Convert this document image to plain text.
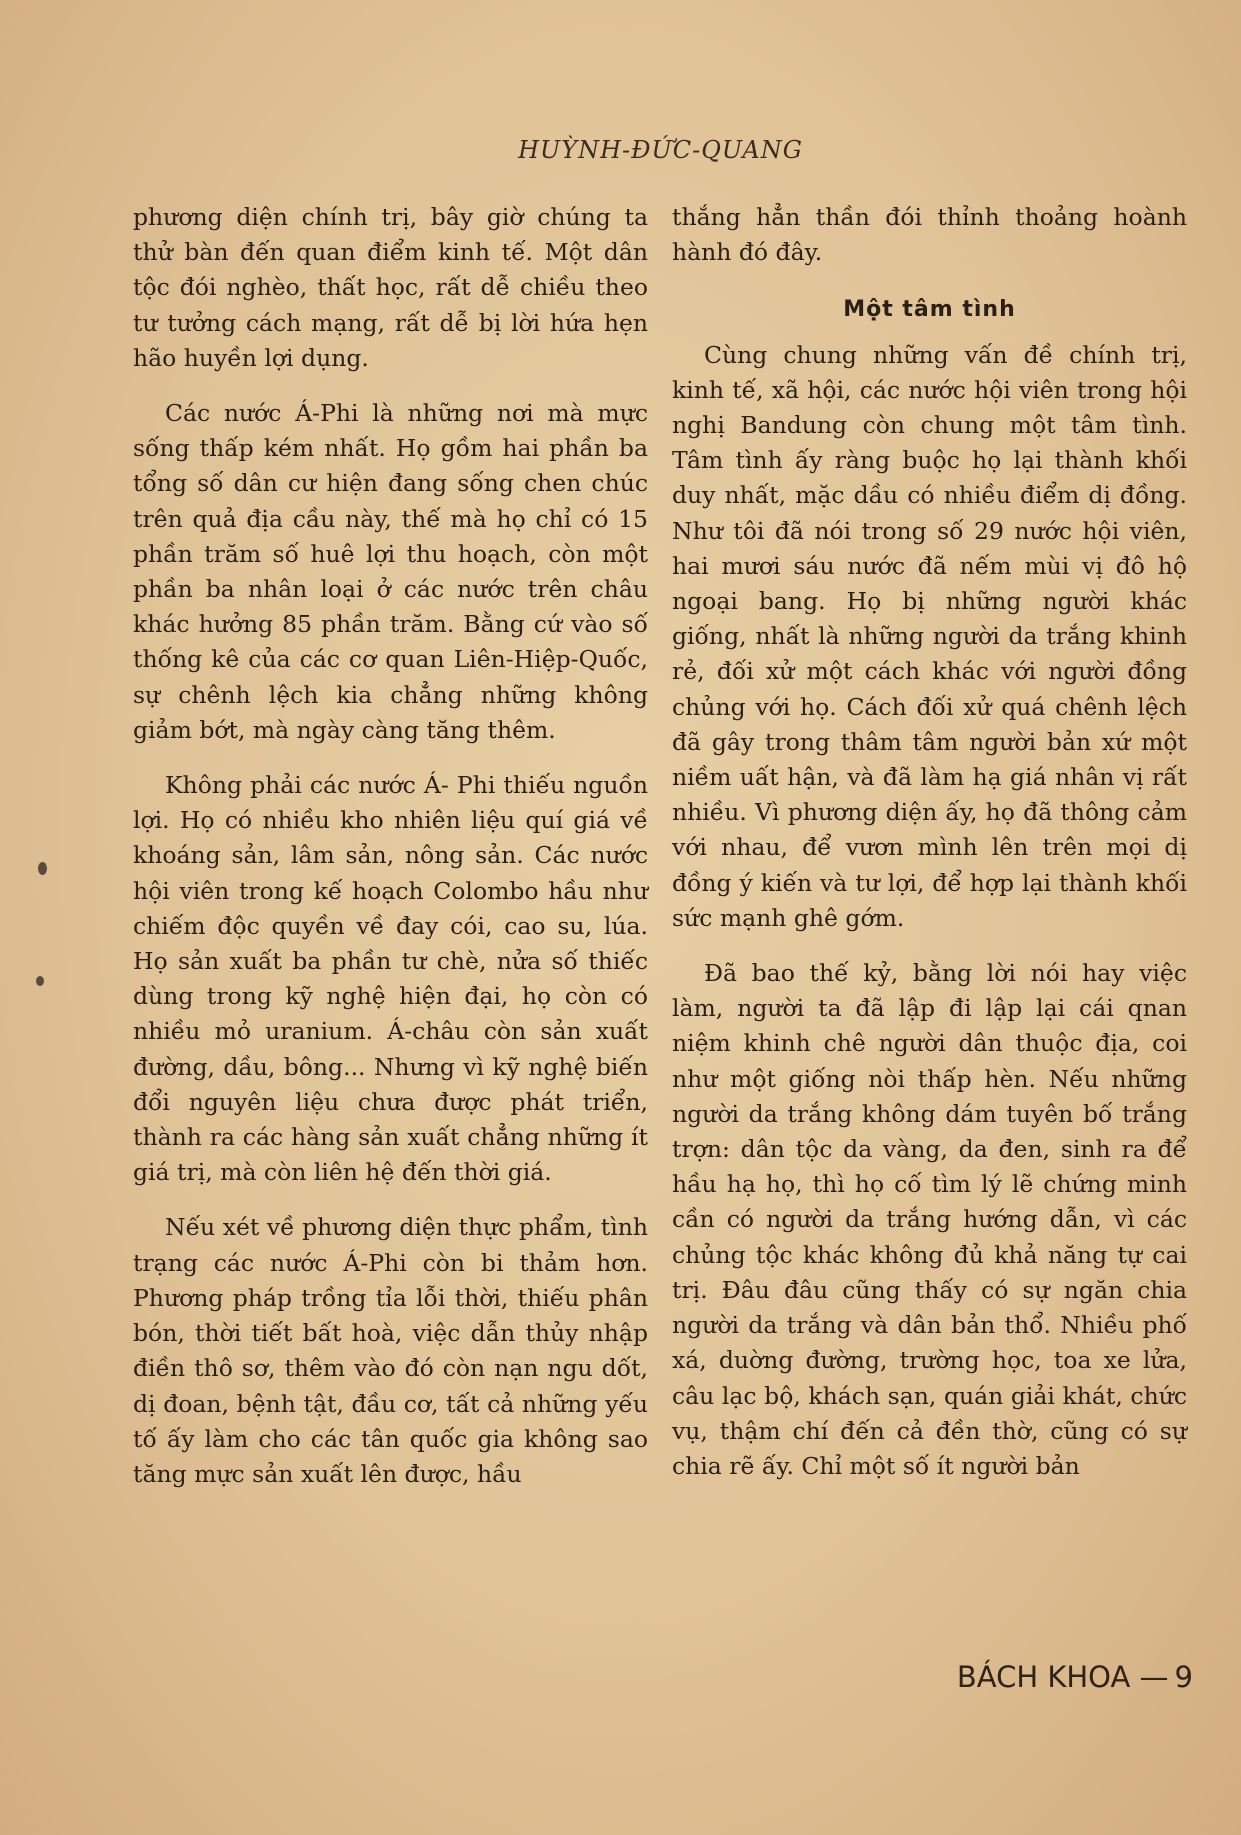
HUỲNH-ĐỨC-QUANG

phương diện chính trị, bây giờ chúng ta thử bàn đến quan điểm kinh tế. Một dân tộc đói nghèo, thất học, rất dễ chiều theo tư tưởng cách mạng, rất dễ bị lời hứa hẹn hão huyền lợi dụng.

Các nước Á-Phi là những nơi mà mực sống thấp kém nhất. Họ gồm hai phần ba tổng số dân cư hiện đang sống chen chúc trên quả địa cầu này, thế mà họ chỉ có 15 phần trăm số huê lợi thu hoạch, còn một phần ba nhân loại ở các nước trên châu khác hưởng 85 phần trăm. Bằng cứ vào số thống kê của các cơ quan Liên-Hiệp-Quốc, sự chênh lệch kia chẳng những không giảm bớt, mà ngày càng tăng thêm.

Không phải các nước Á- Phi thiếu nguồn lợi. Họ có nhiều kho nhiên liệu quí giá về khoáng sản, lâm sản, nông sản. Các nước hội viên trong kế hoạch Colombo hầu như chiếm độc quyền về đay cói, cao su, lúa. Họ sản xuất ba phần tư chè, nửa số thiếc dùng trong kỹ nghệ hiện đại, họ còn có nhiều mỏ uranium. Á-châu còn sản xuất đường, dầu, bông... Nhưng vì kỹ nghệ biến đổi nguyên liệu chưa được phát triển, thành ra các hàng sản xuất chẳng những ít giá trị, mà còn liên hệ đến thời giá.

Nếu xét về phương diện thực phẩm, tình trạng các nước Á-Phi còn bi thảm hơn. Phương pháp trồng tỉa lỗi thời, thiếu phân bón, thời tiết bất hoà, việc dẫn thủy nhập điền thô sơ, thêm vào đó còn nạn ngu dốt, dị đoan, bệnh tật, đầu cơ, tất cả những yếu tố ấy làm cho các tân quốc gia không sao tăng mực sản xuất lên được, hầu

thắng hẳn thần đói thỉnh thoảng hoành hành đó đây.

Một tâm tình

Cùng chung những vấn đề chính trị, kinh tế, xã hội, các nước hội viên trong hội nghị Bandung còn chung một tâm tình. Tâm tình ấy ràng buộc họ lại thành khối duy nhất, mặc dầu có nhiều điểm dị đồng. Như tôi đã nói trong số 29 nước hội viên, hai mươi sáu nước đã nếm mùi vị đô hộ ngoại bang. Họ bị những người khác giống, nhất là những người da trắng khinh rẻ, đối xử một cách khác với người đồng chủng với họ. Cách đối xử quá chênh lệch đã gây trong thâm tâm người bản xứ một niềm uất hận, và đã làm hạ giá nhân vị rất nhiều. Vì phương diện ấy, họ đã thông cảm với nhau, để vươn mình lên trên mọi dị đồng ý kiến và tư lợi, để hợp lại thành khối sức mạnh ghê gớm.

Đã bao thế kỷ, bằng lời nói hay việc làm, người ta đã lập đi lập lại cái qnan niệm khinh chê người dân thuộc địa, coi như một giống nòi thấp hèn. Nếu những người da trắng không dám tuyên bố trắng trợn: dân tộc da vàng, da đen, sinh ra để hầu hạ họ, thì họ cố tìm lý lẽ chứng minh cần có người da trắng hướng dẫn, vì các chủng tộc khác không đủ khả năng tự cai trị. Đâu đâu cũng thấy có sự ngăn chia người da trắng và dân bản thổ. Nhiều phố xá, duờng đường, trường học, toa xe lửa, câu lạc bộ, khách sạn, quán giải khát, chức vụ, thậm chí đến cả đền thờ, cũng có sự chia rẽ ấy. Chỉ một số ít người bản

BÁCH KHOA — 9
